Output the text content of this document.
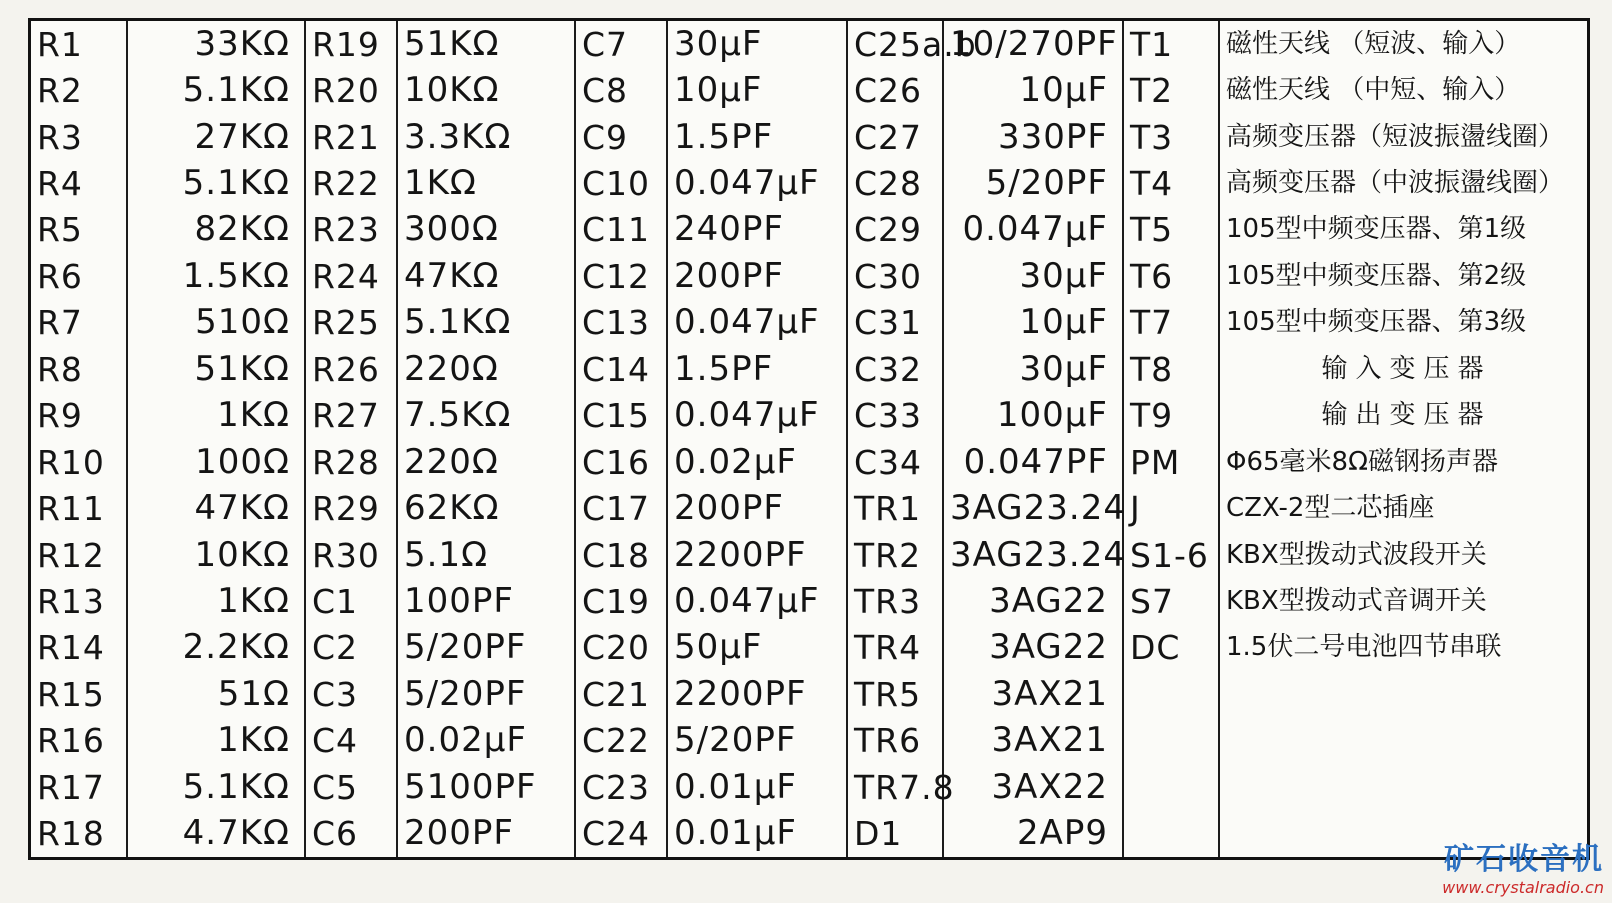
R1	33KΩ	R19	51KΩ	C7	30μF	C25a.b	10/270PF	T1	磁性天线 （短波、输入）
R2	5.1KΩ	R20	10KΩ	C8	10μF	C26	10μF	T2	磁性天线 （中短、输入）
R3	27KΩ	R21	3.3KΩ	C9	1.5PF	C27	330PF	T3	高频变压器（短波振盪线圈）
R4	5.1KΩ	R22	1KΩ	C10	0.047μF	C28	5/20PF	T4	高频变压器（中波振盪线圈）
R5	82KΩ	R23	300Ω	C11	240PF	C29	0.047μF	T5	105型中频变压器、第1级
R6	1.5KΩ	R24	47KΩ	C12	200PF	C30	30μF	T6	105型中频变压器、第2级
R7	510Ω	R25	5.1KΩ	C13	0.047μF	C31	10μF	T7	105型中频变压器、第3级
R8	51KΩ	R26	220Ω	C14	1.5PF	C32	30μF	T8	输入变压器
R9	1KΩ	R27	7.5KΩ	C15	0.047μF	C33	100μF	T9	输出变压器
R10	100Ω	R28	220Ω	C16	0.02μF	C34	0.047PF	PM	Φ65毫米8Ω磁钢扬声器
R11	47KΩ	R29	62KΩ	C17	200PF	TR1	3AG23.24	J	CZX-2型二芯插座
R12	10KΩ	R30	5.1Ω	C18	2200PF	TR2	3AG23.24	S1-6	KBX型拨动式波段开关
R13	1KΩ	C1	100PF	C19	0.047μF	TR3	3AG22	S7	KBX型拨动式音调开关
R14	2.2KΩ	C2	5/20PF	C20	50μF	TR4	3AG22	DC	1.5伏二号电池四节串联
R15	51Ω	C3	5/20PF	C21	2200PF	TR5	3AX21		
R16	1KΩ	C4	0.02μF	C22	5/20PF	TR6	3AX21		
R17	5.1KΩ	C5	5100PF	C23	0.01μF	TR7.8	3AX22		
R18	4.7KΩ	C6	200PF	C24	0.01μF	D1	2AP9		
矿石收音机
www.crystalradio.cn
